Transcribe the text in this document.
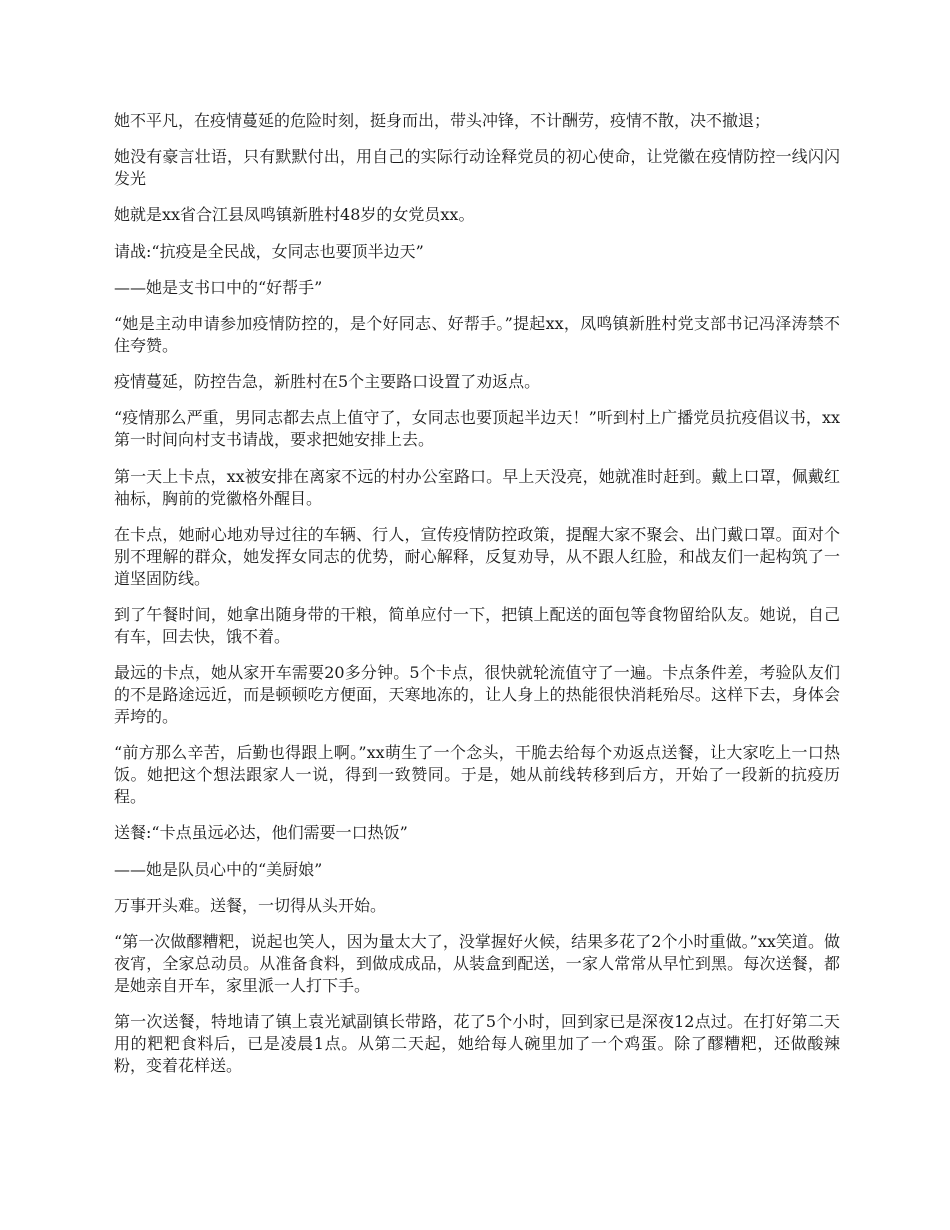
她不平凡，在疫情蔓延的危险时刻，挺身而出，带头冲锋，不计酬劳，疫情不散，决不撤退；

她没有豪言壮语，只有默默付出，用自己的实际行动诠释党员的初心使命，让党徽在疫情防控一线闪闪发光

她就是xx省合江县凤鸣镇新胜村48岁的女党员xx。

请战:“抗疫是全民战，女同志也要顶半边天”

——她是支书口中的“好帮手”

“她是主动申请参加疫情防控的，是个好同志、好帮手。”提起xx，凤鸣镇新胜村党支部书记冯泽涛禁不住夸赞。

疫情蔓延，防控告急，新胜村在5个主要路口设置了劝返点。

“疫情那么严重，男同志都去点上值守了，女同志也要顶起半边天！”听到村上广播党员抗疫倡议书，xx第一时间向村支书请战，要求把她安排上去。

第一天上卡点，xx被安排在离家不远的村办公室路口。早上天没亮，她就准时赶到。戴上口罩，佩戴红袖标，胸前的党徽格外醒目。

在卡点，她耐心地劝导过往的车辆、行人，宣传疫情防控政策，提醒大家不聚会、出门戴口罩。面对个别不理解的群众，她发挥女同志的优势，耐心解释，反复劝导，从不跟人红脸，和战友们一起构筑了一道坚固防线。

到了午餐时间，她拿出随身带的干粮，简单应付一下，把镇上配送的面包等食物留给队友。她说，自己有车，回去快，饿不着。

最远的卡点，她从家开车需要20多分钟。5个卡点，很快就轮流值守了一遍。卡点条件差，考验队友们的不是路途远近，而是顿顿吃方便面，天寒地冻的，让人身上的热能很快消耗殆尽。这样下去，身体会弄垮的。

“前方那么辛苦，后勤也得跟上啊。”xx萌生了一个念头，干脆去给每个劝返点送餐，让大家吃上一口热饭。她把这个想法跟家人一说，得到一致赞同。于是，她从前线转移到后方，开始了一段新的抗疫历程。

送餐:“卡点虽远必达，他们需要一口热饭”

——她是队员心中的“美厨娘”

万事开头难。送餐，一切得从头开始。

“第一次做醪糟粑，说起也笑人，因为量太大了，没掌握好火候，结果多花了2个小时重做。”xx笑道。做夜宵，全家总动员。从准备食料，到做成成品，从装盒到配送，一家人常常从早忙到黑。每次送餐，都是她亲自开车，家里派一人打下手。

第一次送餐，特地请了镇上袁光斌副镇长带路，花了5个小时，回到家已是深夜12点过。在打好第二天用的粑粑食料后，已是凌晨1点。从第二天起，她给每人碗里加了一个鸡蛋。除了醪糟粑，还做酸辣粉，变着花样送。
